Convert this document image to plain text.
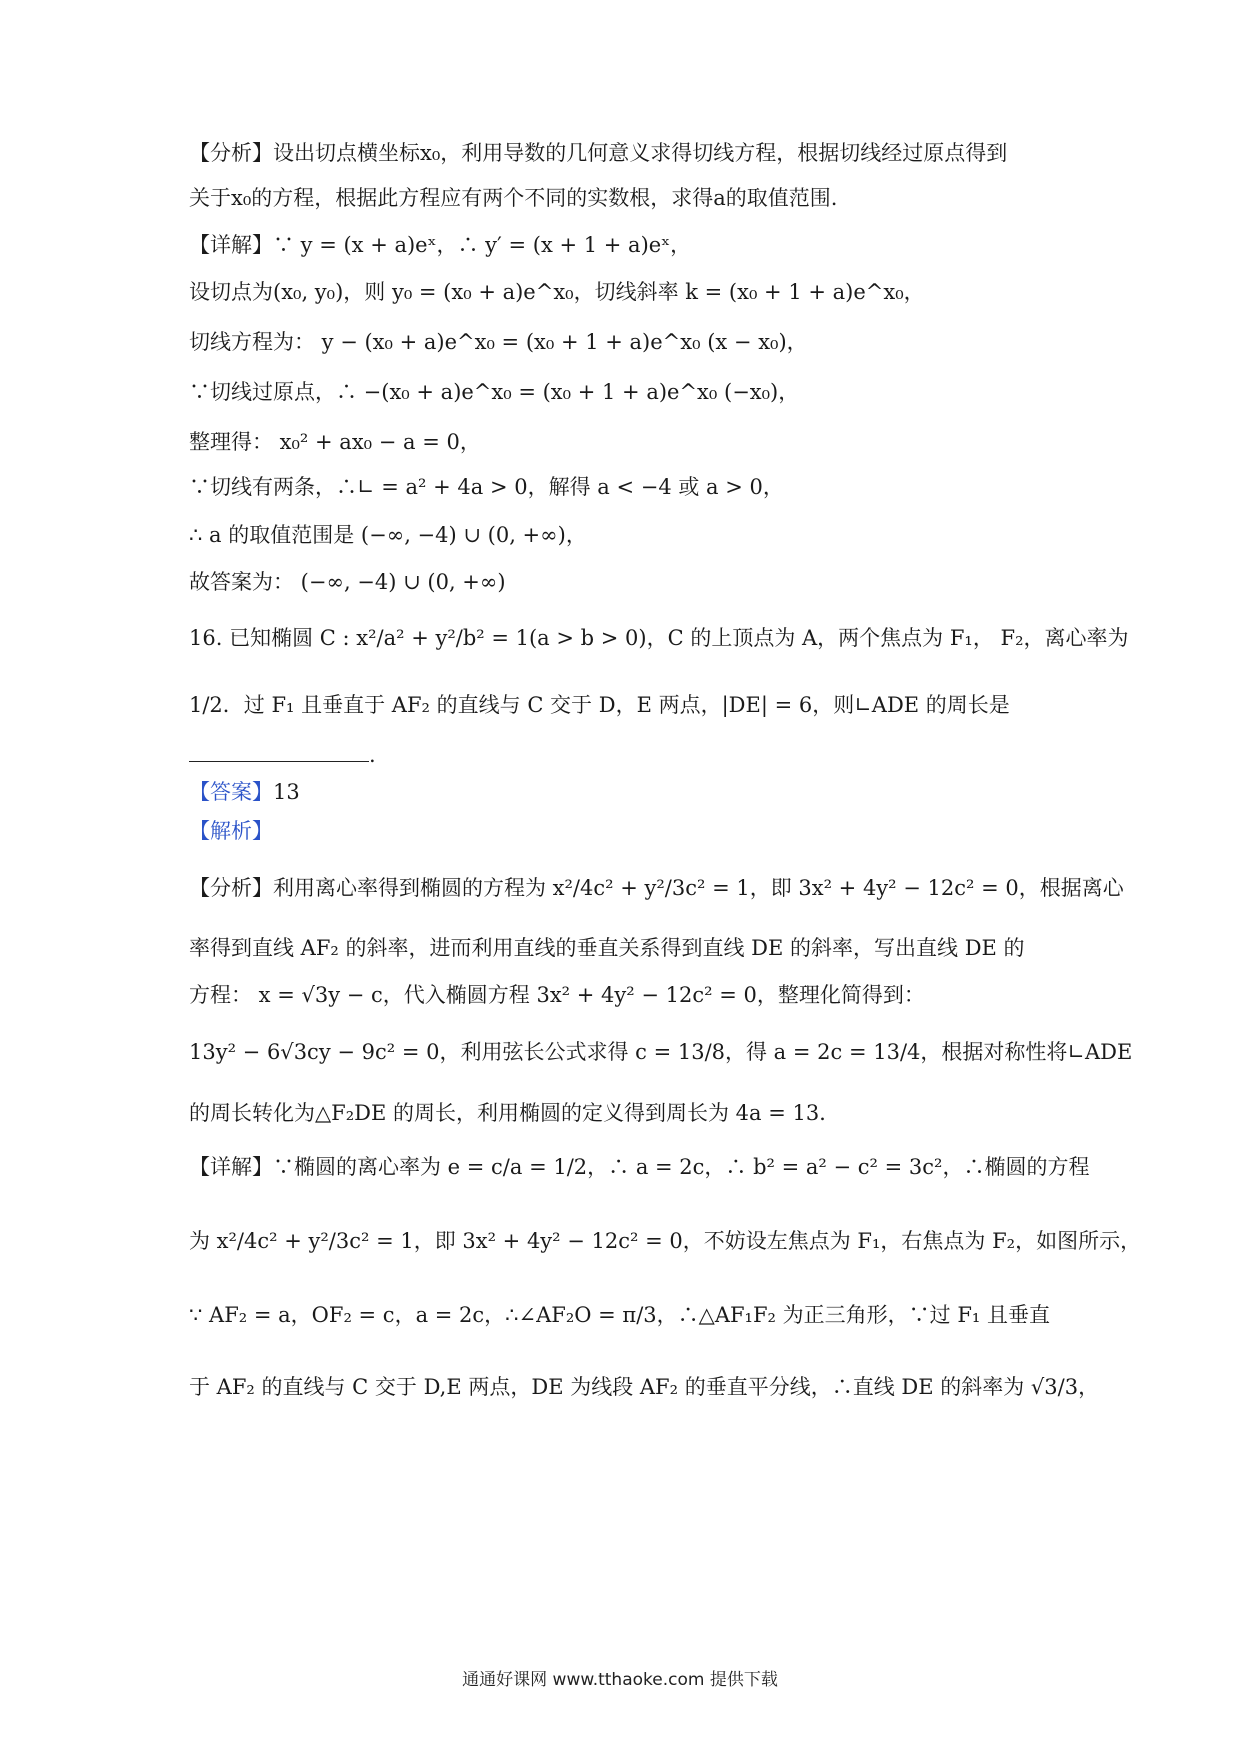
【分析】设出切点横坐标x₀，利用导数的几何意义求得切线方程，根据切线经过原点得到
关于x₀的方程，根据此方程应有两个不同的实数根，求得a的取值范围.
【详解】∵ y = (x + a)eˣ，∴ y′ = (x + 1 + a)eˣ，
设切点为(x₀, y₀)，则 y₀ = (x₀ + a)e^x₀，切线斜率 k = (x₀ + 1 + a)e^x₀，
切线方程为： y − (x₀ + a)e^x₀ = (x₀ + 1 + a)e^x₀ (x − x₀)，
∵切线过原点，∴ −(x₀ + a)e^x₀ = (x₀ + 1 + a)e^x₀ (−x₀)，
整理得： x₀² + ax₀ − a = 0，
∵切线有两条，∴∟ = a² + 4a > 0，解得 a < −4 或 a > 0，
∴ a 的取值范围是 (−∞, −4) ∪ (0, +∞)，
故答案为： (−∞, −4) ∪ (0, +∞)
16. 已知椭圆 C : x²/a² + y²/b² = 1(a > b > 0)，C 的上顶点为 A，两个焦点为 F₁， F₂，离心率为
1/2．过 F₁ 且垂直于 AF₂ 的直线与 C 交于 D，E 两点，|DE| = 6，则∟ADE 的周长是
.
【答案】13
【解析】
【分析】利用离心率得到椭圆的方程为 x²/4c² + y²/3c² = 1，即 3x² + 4y² − 12c² = 0，根据离心
率得到直线 AF₂ 的斜率，进而利用直线的垂直关系得到直线 DE 的斜率，写出直线 DE 的
方程： x = √3y − c，代入椭圆方程 3x² + 4y² − 12c² = 0，整理化简得到：
13y² − 6√3cy − 9c² = 0，利用弦长公式求得 c = 13/8，得 a = 2c = 13/4，根据对称性将∟ADE
的周长转化为△F₂DE 的周长，利用椭圆的定义得到周长为 4a = 13．
【详解】∵椭圆的离心率为 e = c/a = 1/2，∴ a = 2c，∴ b² = a² − c² = 3c²，∴椭圆的方程
为 x²/4c² + y²/3c² = 1，即 3x² + 4y² − 12c² = 0，不妨设左焦点为 F₁，右焦点为 F₂，如图所示，
∵ AF₂ = a，OF₂ = c，a = 2c，∴∠AF₂O = π/3，∴△AF₁F₂ 为正三角形，∵过 F₁ 且垂直
于 AF₂ 的直线与 C 交于 D,E 两点，DE 为线段 AF₂ 的垂直平分线，∴直线 DE 的斜率为 √3/3，
通通好课网 www.tthaoke.com 提供下载
